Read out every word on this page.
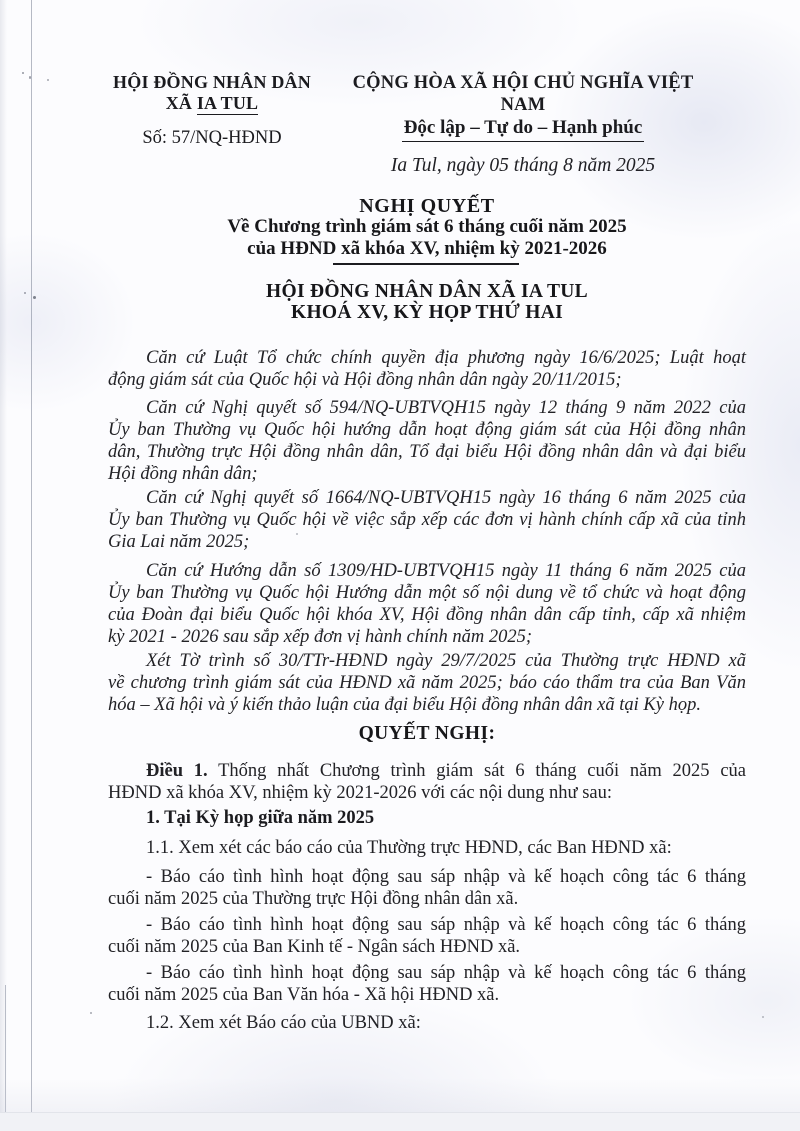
HỘI ĐỒNG NHÂN DÂN
XÃ IA TUL
Số: 57/NQ-HĐND
CỘNG HÒA XÃ HỘI CHỦ NGHĨA VIỆT NAM
Độc lập – Tự do – Hạnh phúc
Ia Tul, ngày 05 tháng 8 năm 2025
NGHỊ QUYẾT
Về Chương trình giám sát 6 tháng cuối năm 2025
của HĐND xã khóa XV, nhiệm kỳ 2021-2026
HỘI ĐỒNG NHÂN DÂN XÃ IA TUL
KHOÁ XV, KỲ HỌP THỨ HAI
Căn cứ Luật Tổ chức chính quyền địa phương ngày 16/6/2025; Luật hoạt
động giám sát của Quốc hội và Hội đồng nhân dân ngày 20/11/2015;
Căn cứ Nghị quyết số 594/NQ-UBTVQH15 ngày 12 tháng 9 năm 2022 của
Ủy ban Thường vụ Quốc hội hướng dẫn hoạt động giám sát của Hội đồng nhân
dân, Thường trực Hội đồng nhân dân, Tổ đại biểu Hội đồng nhân dân và đại biểu
Hội đồng nhân dân;
Căn cứ Nghị quyết số 1664/NQ-UBTVQH15 ngày 16 tháng 6 năm 2025 của
Ủy ban Thường vụ Quốc hội về việc sắp xếp các đơn vị hành chính cấp xã của tỉnh
Gia Lai năm 2025;
Căn cứ Hướng dẫn số 1309/HD-UBTVQH15 ngày 11 tháng 6 năm 2025 của
Ủy ban Thường vụ Quốc hội Hướng dẫn một số nội dung về tổ chức và hoạt động
của Đoàn đại biểu Quốc hội khóa XV, Hội đồng nhân dân cấp tỉnh, cấp xã nhiệm
kỳ 2021 - 2026 sau sắp xếp đơn vị hành chính năm 2025;
Xét Tờ trình số 30/TTr-HĐND ngày 29/7/2025 của Thường trực HĐND xã
về chương trình giám sát của HĐND xã năm 2025; báo cáo thẩm tra của Ban Văn
hóa – Xã hội và ý kiến thảo luận của đại biểu Hội đồng nhân dân xã tại Kỳ họp.
QUYẾT NGHỊ:
Điều 1. Thống nhất Chương trình giám sát 6 tháng cuối năm 2025 của
HĐND xã khóa XV, nhiệm kỳ 2021-2026 với các nội dung như sau:
1. Tại Kỳ họp giữa năm 2025
1.1. Xem xét các báo cáo của Thường trực HĐND, các Ban HĐND xã:
- Báo cáo tình hình hoạt động sau sáp nhập và kế hoạch công tác 6 tháng
cuối năm 2025 của Thường trực Hội đồng nhân dân xã.
- Báo cáo tình hình hoạt động sau sáp nhập và kế hoạch công tác 6 tháng
cuối năm 2025 của Ban Kinh tế - Ngân sách HĐND xã.
- Báo cáo tình hình hoạt động sau sáp nhập và kế hoạch công tác 6 tháng
cuối năm 2025 của Ban Văn hóa - Xã hội HĐND xã.
1.2. Xem xét Báo cáo của UBND xã:
